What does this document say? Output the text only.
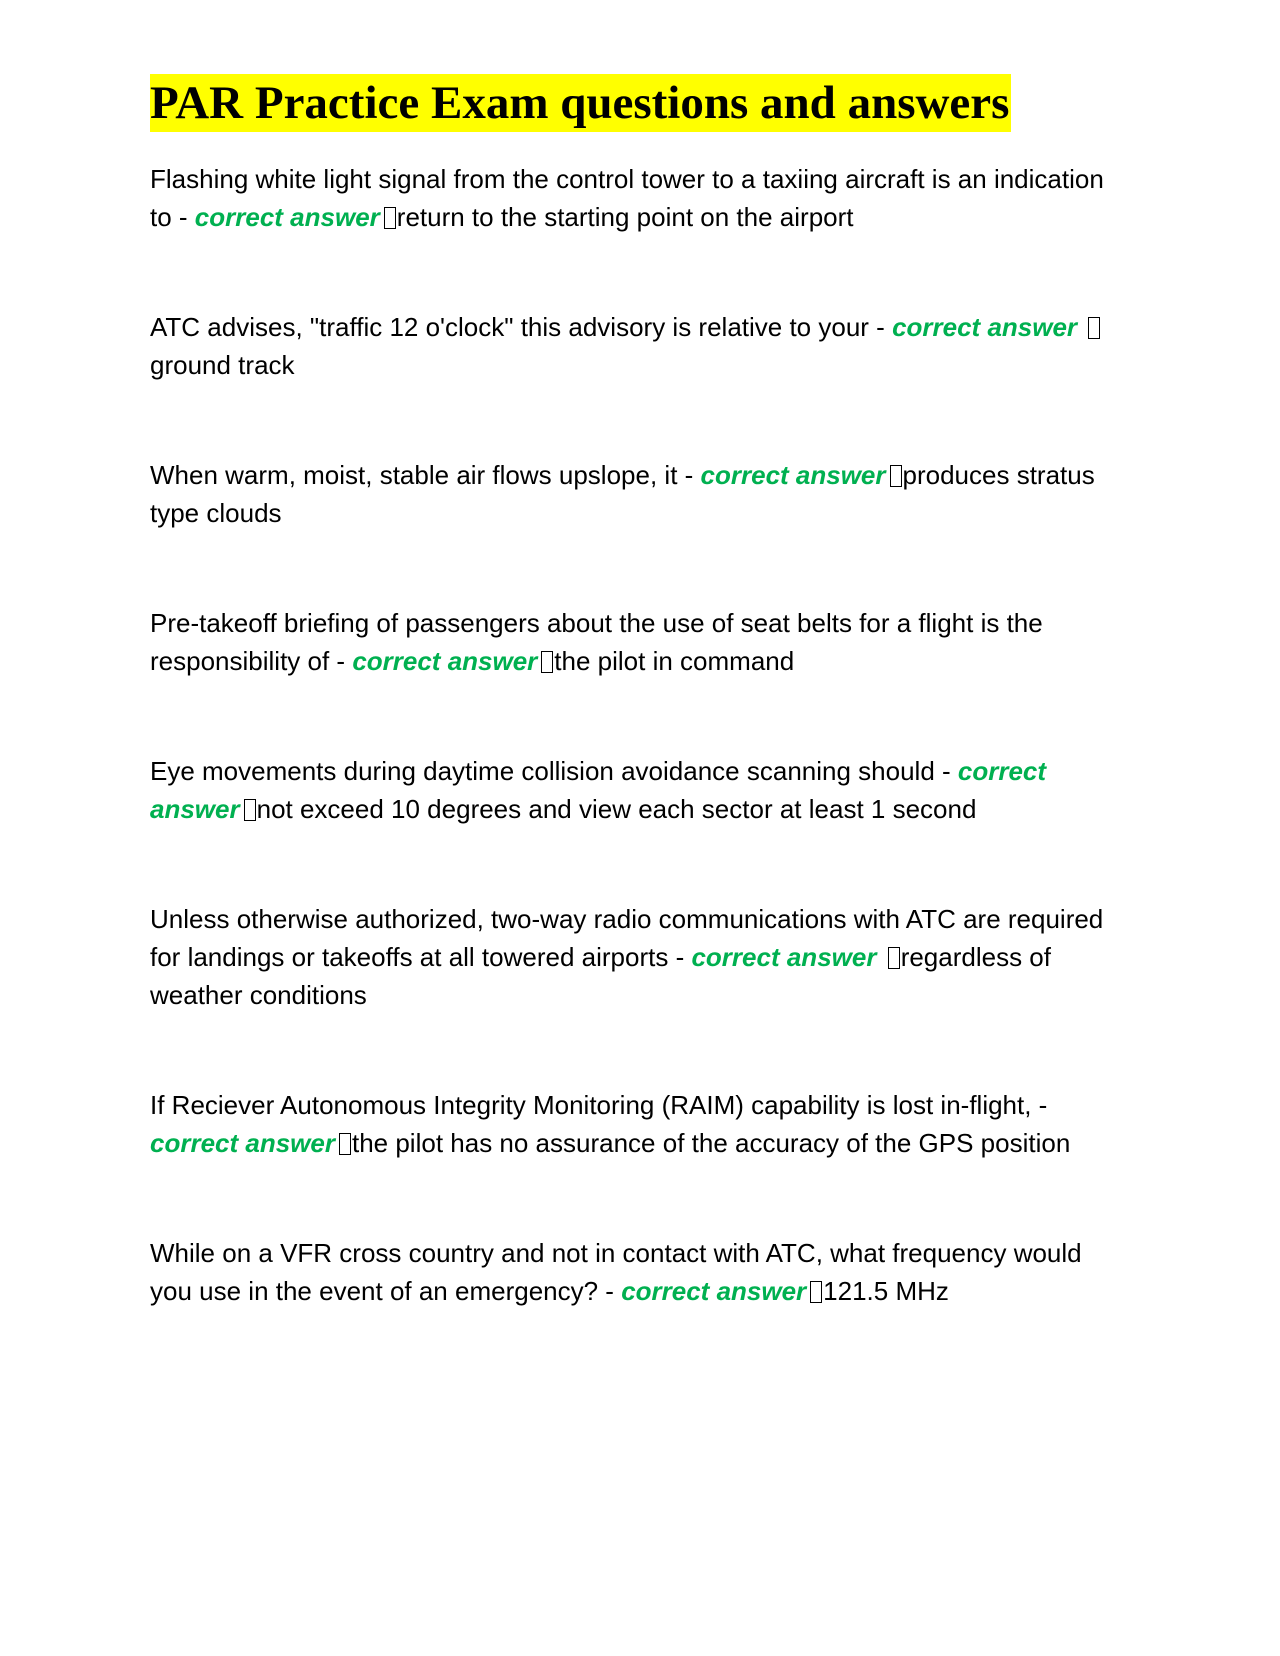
PAR Practice Exam questions and answers

Flashing white light signal from the control tower to a taxiing aircraft is an indication to - correct answer return to the starting point on the airport

ATC advises, "traffic 12 o'clock" this advisory is relative to your - correct answer ground track

When warm, moist, stable air flows upslope, it - correct answer produces stratus type clouds

Pre-takeoff briefing of passengers about the use of seat belts for a flight is the responsibility of - correct answer the pilot in command

Eye movements during daytime collision avoidance scanning should - correct answer not exceed 10 degrees and view each sector at least 1 second

Unless otherwise authorized, two-way radio communications with ATC are required for landings or takeoffs at all towered airports - correct answer regardless of weather conditions

If Reciever Autonomous Integrity Monitoring (RAIM) capability is lost in-flight, - correct answer the pilot has no assurance of the accuracy of the GPS position

While on a VFR cross country and not in contact with ATC, what frequency would you use in the event of an emergency? - correct answer 121.5 MHz
